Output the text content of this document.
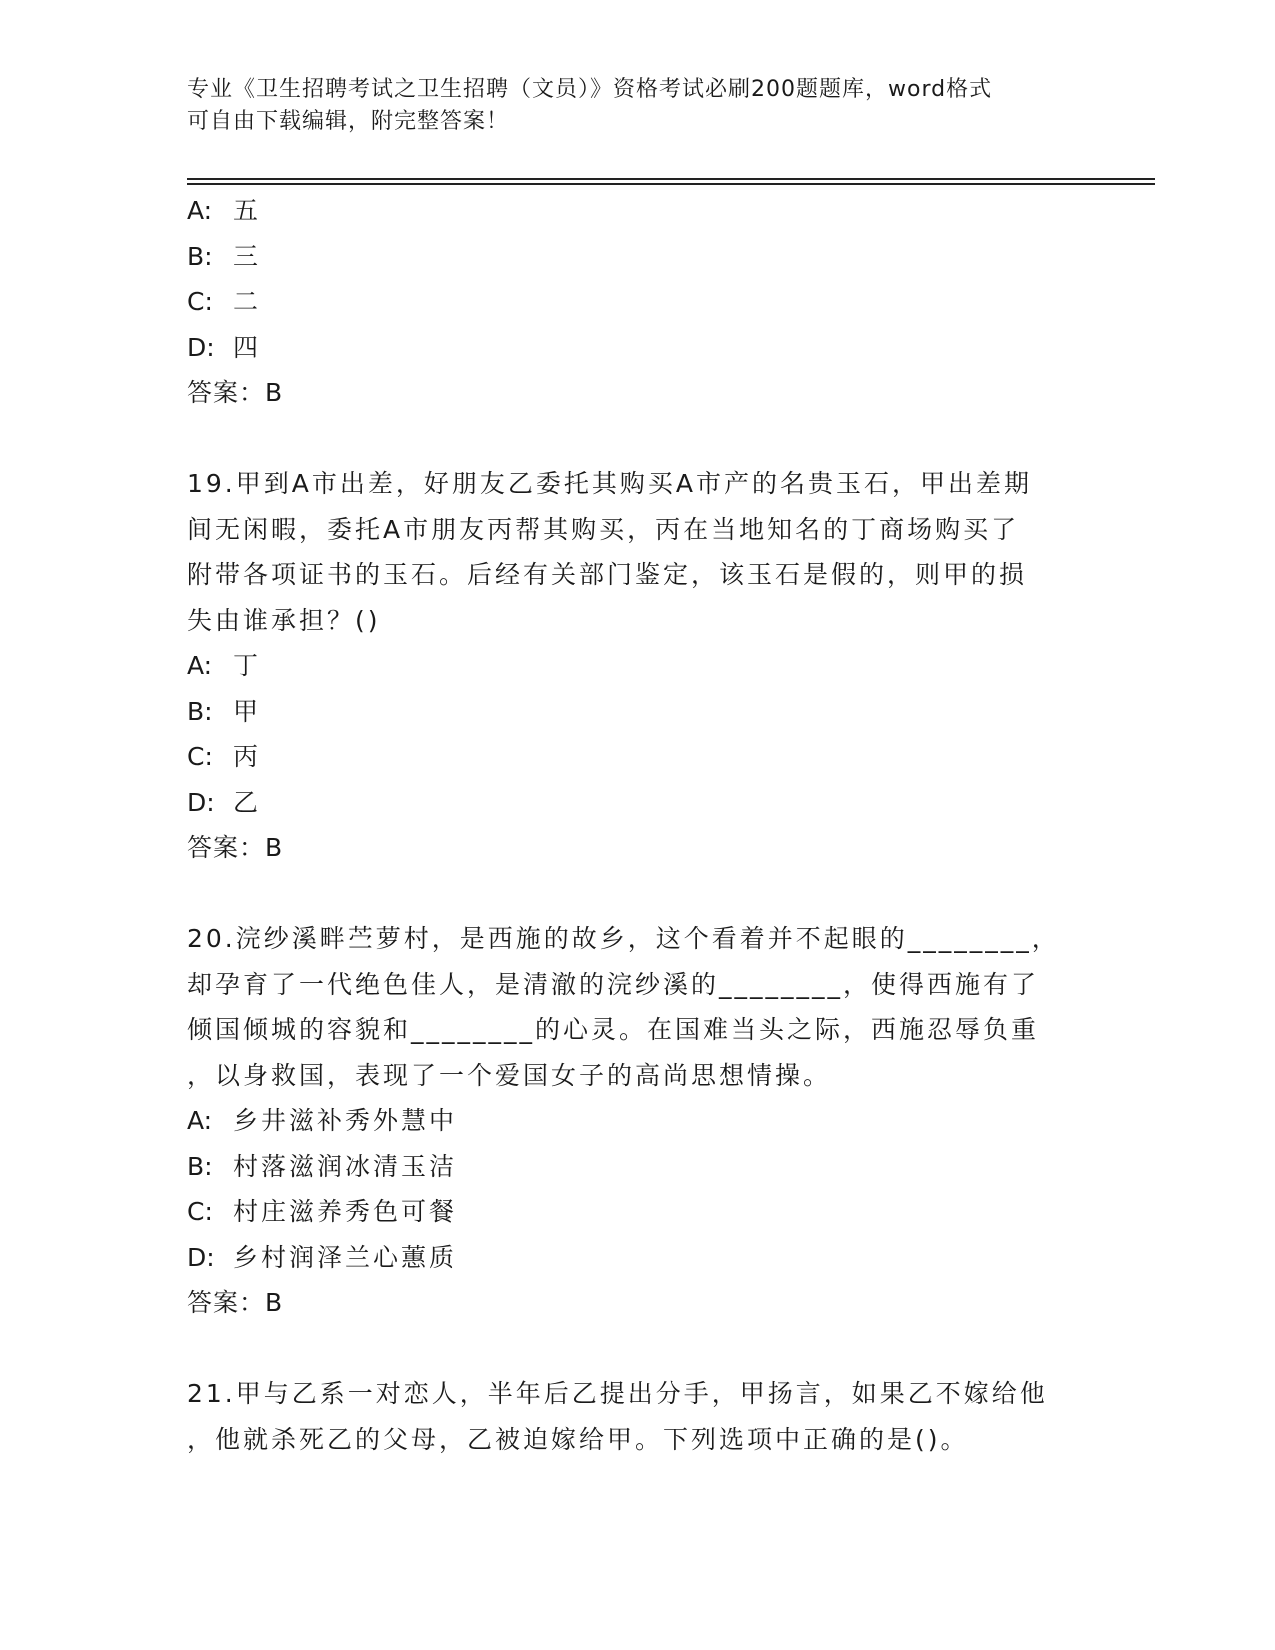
专业《卫生招聘考试之卫生招聘（文员）》资格考试必刷200题题库，word格式
可自由下载编辑，附完整答案！
A: 五
B: 三
C: 二
D: 四
答案：B
19.甲到A市出差，好朋友乙委托其购买A市产的名贵玉石，甲出差期
间无闲暇，委托A市朋友丙帮其购买，丙在当地知名的丁商场购买了
附带各项证书的玉石。后经有关部门鉴定，该玉石是假的，则甲的损
失由谁承担？()
A: 丁
B: 甲
C: 丙
D: 乙
答案：B
20.浣纱溪畔苎萝村，是西施的故乡，这个看着并不起眼的________，
却孕育了一代绝色佳人，是清澈的浣纱溪的________，使得西施有了
倾国倾城的容貌和________的心灵。在国难当头之际，西施忍辱负重
，以身救国，表现了一个爱国女子的高尚思想情操。
A: 乡井滋补秀外慧中
B: 村落滋润冰清玉洁
C: 村庄滋养秀色可餐
D: 乡村润泽兰心蕙质
答案：B
21.甲与乙系一对恋人，半年后乙提出分手，甲扬言，如果乙不嫁给他
，他就杀死乙的父母，乙被迫嫁给甲。下列选项中正确的是()。
